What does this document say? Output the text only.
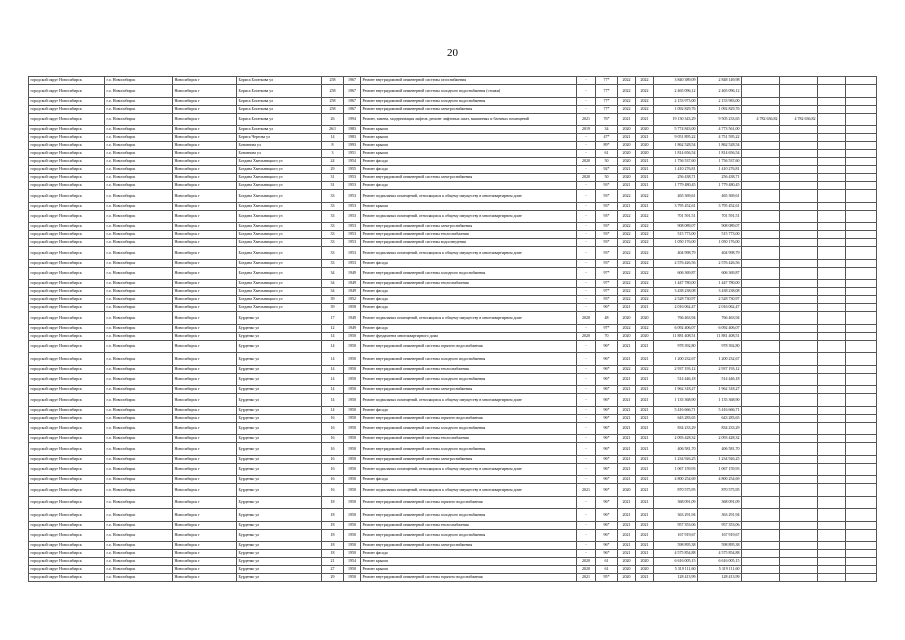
20
городской округ Новосибирск	г.о. Новосибирск	Новосибирск г	Бориса Богаткова ул	258	1967	Ремонт внутридомовой инженерной системы газоснабжения	-	77*	2022	2022	3 840 389,09	2 848 149,98				
городской округ Новосибирск	г.о. Новосибирск	Новосибирск г	Бориса Богаткова ул	258	1967	Ремонт внутридомовой инженерной системы холодного водоснабжения (стояки)	-	77*	2022	2022	2 465 096,12	2 465 096,12				
городской округ Новосибирск	г.о. Новосибирск	Новосибирск г	Бориса Богаткова ул	258	1967	Ремонт внутридомовой инженерной системы холодного водоснабжения	-	77*	2022	2022	2 153 973,00	2 153 983,00				
городской округ Новосибирск	г.о. Новосибирск	Новосибирск г	Бориса Богаткова ул	258	1967	Ремонт внутридомовой инженерной системы электроснабжения	-	77*	2022	2022	1 092 829,76	1 092 829,76				
городской округ Новосибирск	г.о. Новосибирск	Новосибирск г	Бориса Богаткова ул	26	1994	Ремонт, замена, модернизация лифтов, ремонт лифтовых шахт, машинных и блочных помещений	2021	76*	2021	2021	19 130 343,29	9 505 233,65	4 782 636,82	4 782 636,82		
городской округ Новосибирск	г.о. Новосибирск	Новосибирск г	Бориса Богаткова ул	26/1	1983	Ремонт крыши	2019	34	2020	2020	5 774 843,00	4 773 561,00				
городской округ Новосибирск	г.о. Новосибирск	Новосибирск г	Бориса Чертова ул	14	1983	Ремонт крыши	-	47*	2021	2021	9 051 895,22	4 751 595,22				
городской округ Новосибирск	г.о. Новосибирск	Новосибирск г	Бонанзова ул	8	1993	Ремонт крыши	-	89*	2020	2020	1 862 528,54	1 862 528,54				
городской округ Новосибирск	г.о. Новосибирск	Новосибирск г	Бонанзова ул	3	1951	Ремонт крыши	-	61	2020	2020	1 814 656,54	1 814 656,54				
городской округ Новосибирск	г.о. Новосибирск	Новосибирск г	Богдана Хмельницкого ул	24	1954	Ремонт фасада	2020	50	2020	2021	1 756 537,60	1 756 537,60				
городской округ Новосибирск	г.о. Новосибирск	Новосибирск г	Богдана Хмельницкого ул	29	1955	Ремонт фасада	-	92*	2021	2021	1 410 276,81	1 410 276,81				
городской округ Новосибирск	г.о. Новосибирск	Новосибирск г	Богдана Хмельницкого ул	31	1953	Ремонт внутридомовой инженерной системы электроснабжения	2020	50	2020	2021	256 438,71	256 438,71				
городской округ Новосибирск	г.о. Новосибирск	Новосибирск г	Богдана Хмельницкого ул	31	1953	Ремонт фасада	-	93*	2021	2021	1 779 480,45	1 779 480,45				
городской округ Новосибирск	г.о. Новосибирск	Новосибирск г	Богдана Хмельницкого ул	33	1953	Ремонт подвальных помещений, относящихся к общему имуществу в многоквартирном доме	-	93*	2022	2022	465 369,61	465 369,61				
городской округ Новосибирск	г.о. Новосибирск	Новосибирск г	Богдана Хмельницкого ул	33	1953	Ремонт крыши	-	93*	2021	2021	3 795 452,61	3 795 452,61				
городской округ Новосибирск	г.о. Новосибирск	Новосибирск г	Богдана Хмельницкого ул	33	1953	Ремонт подвальных помещений, относящихся к общему имуществу в многоквартирном доме	-	93*	2022	2022	701 591,51	701 591,51				
городской округ Новосибирск	г.о. Новосибирск	Новосибирск г	Богдана Хмельницкого ул	33	1953	Ремонт внутридомовой инженерной системы электроснабжения	-	93*	2022	2022	908 089,07	908 089,07				
городской округ Новосибирск	г.о. Новосибирск	Новосибирск г	Богдана Хмельницкого ул	33	1953	Ремонт внутридомовой инженерной системы теплоснабжения	-	93*	2022	2022	515 773,00	515 773,00				
городской округ Новосибирск	г.о. Новосибирск	Новосибирск г	Богдана Хмельницкого ул	33	1953	Ремонт внутридомовой инженерной системы водоотведения	-	93*	2022	2022	1 050 176,00	1 050 176,00				
городской округ Новосибирск	г.о. Новосибирск	Новосибирск г	Богдана Хмельницкого ул	33	1953	Ремонт подвальных помещений, относящихся к общему имуществу в многоквартирном доме	-	93*	2022	2022	404 998,79	404 998,79				
городской округ Новосибирск	г.о. Новосибирск	Новосибирск г	Богдана Хмельницкого ул	33	1953	Ремонт фасада	-	93*	2022	2022	2 576 426,56	2 576 426,56				
городской округ Новосибирск	г.о. Новосибирск	Новосибирск г	Богдана Хмельницкого ул	34	1949	Ремонт внутридомовой инженерной системы холодного водоснабжения	-	97*	2022	2022	606 369,87	606 369,87				
городской округ Новосибирск	г.о. Новосибирск	Новосибирск г	Богдана Хмельницкого ул	34	1949	Ремонт внутридомовой инженерной системы теплоснабжения	-	97*	2022	2022	1 447 780,00	1 447 780,00				
городской округ Новосибирск	г.о. Новосибирск	Новосибирск г	Богдана Хмельницкого ул	34	1949	Ремонт фасада	-	97*	2022	2022	3 438 238,08	3 438 238,08				
городской округ Новосибирск	г.о. Новосибирск	Новосибирск г	Богдана Хмельницкого ул	39	1952	Ремонт фасада	-	93*	2022	2022	2 528 730,97	2 528 730,97				
городской округ Новосибирск	г.о. Новосибирск	Новосибирск г	Богдана Хмельницкого ул	39	1958	Ремонт фасада	-	96*	2021	2021	2 016 062,47	2 016 062,47				
городской округ Новосибирск	г.о. Новосибирск	Новосибирск г	Бурденко ул	17	1949	Ремонт подвальных помещений, относящихся к общему имуществу в многоквартирном доме	2020	48	2020	2020	766 463,94	766 463,94				
городской округ Новосибирск	г.о. Новосибирск	Новосибирск г	Бурденко ул	12	1949	Ремонт фасада	-	97*	2022	2022	6 092 406,07	6 092 406,07				
городской округ Новосибирск	г.о. Новосибирск	Новосибирск г	Бурденко ул	14	1950	Ремонт фундамента многоквартирного дома	2020	70	2020	2020	11 881 408,51	11 881 408,51				
городской округ Новосибирск	г.о. Новосибирск	Новосибирск г	Бурденко ул	14	1950	Ремонт внутридомовой инженерной системы горячего водоснабжения	-	96*	2021	2021	978 392,80	978 392,80				
городской округ Новосибирск	г.о. Новосибирск	Новосибирск г	Бурденко ул	14	1950	Ремонт внутридомовой инженерной системы холодного водоснабжения	-	96*	2021	2021	1 200 232,67	1 200 232,67				
городской округ Новосибирск	г.о. Новосибирск	Новосибирск г	Бурденко ул	14	1950	Ремонт внутридомовой инженерной системы теплоснабжения	-	96*	2022	2022	2 937 193,12	2 937 193,12				
городской округ Новосибирск	г.о. Новосибирск	Новосибирск г	Бурденко ул	14	1950	Ремонт внутридомовой инженерной системы холодного водоснабжения	-	96*	2021	2021	514 446,18	514 446,18				
городской округ Новосибирск	г.о. Новосибирск	Новосибирск г	Бурденко ул	14	1950	Ремонт внутридомовой инженерной системы электроснабжения	-	96*	2021	2021	1 962 318,27	1 962 318,27				
городской округ Новосибирск	г.о. Новосибирск	Новосибирск г	Бурденко ул	14	1950	Ремонт подвальных помещений, относящихся к общему имуществу в многоквартирном доме	-	96*	2021	2021	1 135 368,90	1 135 368,90				
городской округ Новосибирск	г.о. Новосибирск	Новосибирск г	Бурденко ул	14	1950	Ремонт фасада	-	96*	2021	2021	5 416 666,71	5 416 666,71				
городской округ Новосибирск	г.о. Новосибирск	Новосибирск г	Бурденко ул	16	1950	Ремонт внутридомовой инженерной системы горячего водоснабжения	-	96*	2021	2021	643 283,65	643 283,65				
городской округ Новосибирск	г.о. Новосибирск	Новосибирск г	Бурденко ул	16	1950	Ремонт внутридомовой инженерной системы холодного водоснабжения	-	96*	2021	2021	834 233,29	834 233,29				
городской округ Новосибирск	г.о. Новосибирск	Новосибирск г	Бурденко ул	16	1950	Ремонт внутридомовой инженерной системы теплоснабжения	-	96*	2021	2021	2 093 428,32	2 093 428,32				
городской округ Новосибирск	г.о. Новосибирск	Новосибирск г	Бурденко ул	16	1950	Ремонт внутридомовой инженерной системы холодного водоснабжения	-	96*	2021	2021	406 581,70	406 581,70				
городской округ Новосибирск	г.о. Новосибирск	Новосибирск г	Бурденко ул	16	1950	Ремонт внутридомовой инженерной системы электроснабжения	-	96*	2021	2021	1 234 926,25	1 234 926,25				
городской округ Новосибирск	г.о. Новосибирск	Новосибирск г	Бурденко ул	16	1950	Ремонт подвальных помещений, относящихся к общему имуществу в многоквартирном доме	-	96*	2021	2021	1 067 159,93	1 067 159,93				
городской округ Новосибирск	г.о. Новосибирск	Новосибирск г	Бурденко ул	16	1950	Ремонт фасада	-	96*	2021	2021	4 800 254,69	4 800 254,69				
городской округ Новосибирск	г.о. Новосибирск	Новосибирск г	Бурденко ул	16	1950	Ремонт подвальных помещений, относящихся к общему имуществу в многоквартирном доме	2021	96*	2020	2021	870 575,95	870 575,95				
городской округ Новосибирск	г.о. Новосибирск	Новосибирск г	Бурденко ул	18	1950	Ремонт внутридомовой инженерной системы горячего водоснабжения	-	96*	2021	2021	368 091,09	368 091,09				
городской округ Новосибирск	г.о. Новосибирск	Новосибирск г	Бурденко ул	18	1950	Ремонт внутридомовой инженерной системы холодного водоснабжения	-	96*	2021	2021	363 291,94	363 291,94				
городской округ Новосибирск	г.о. Новосибирск	Новосибирск г	Бурденко ул	18	1950	Ремонт внутридомовой инженерной системы теплоснабжения	-	96*	2021	2021	957 353,06	957 353,06				
городской округ Новосибирск	г.о. Новосибирск	Новосибирск г	Бурденко ул	18	1950	Ремонт внутридомовой инженерной системы холодного водоснабжения	-	96*	2021	2021	167 919,67	167 919,67				
городской округ Новосибирск	г.о. Новосибирск	Новосибирск г	Бурденко ул	18	1950	Ремонт внутридомовой инженерной системы электроснабжения	-	96*	2021	2021	598 895,38	598 895,38				
городской округ Новосибирск	г.о. Новосибирск	Новосибирск г	Бурденко ул	18	1950	Ремонт фасада	-	96*	2021	2021	4 575 854,88	4 575 854,88				
городской округ Новосибирск	г.о. Новосибирск	Новосибирск г	Бурденко ул	21	1954	Ремонт крыши	2020	61	2020	2020	6 616 005,15	6 616 005,15				
городской округ Новосибирск	г.о. Новосибирск	Новосибирск г	Бурденко ул	27	1950	Ремонт крыши	2020	61	2020	2020	5 319 111,60	5 319 111,60				
городской округ Новосибирск	г.о. Новосибирск	Новосибирск г	Бурденко ул	29	1950	Ремонт внутридомовой инженерной системы горячего водоснабжения	2021	95*	2020	2021	128 413,99	128 413,99				
